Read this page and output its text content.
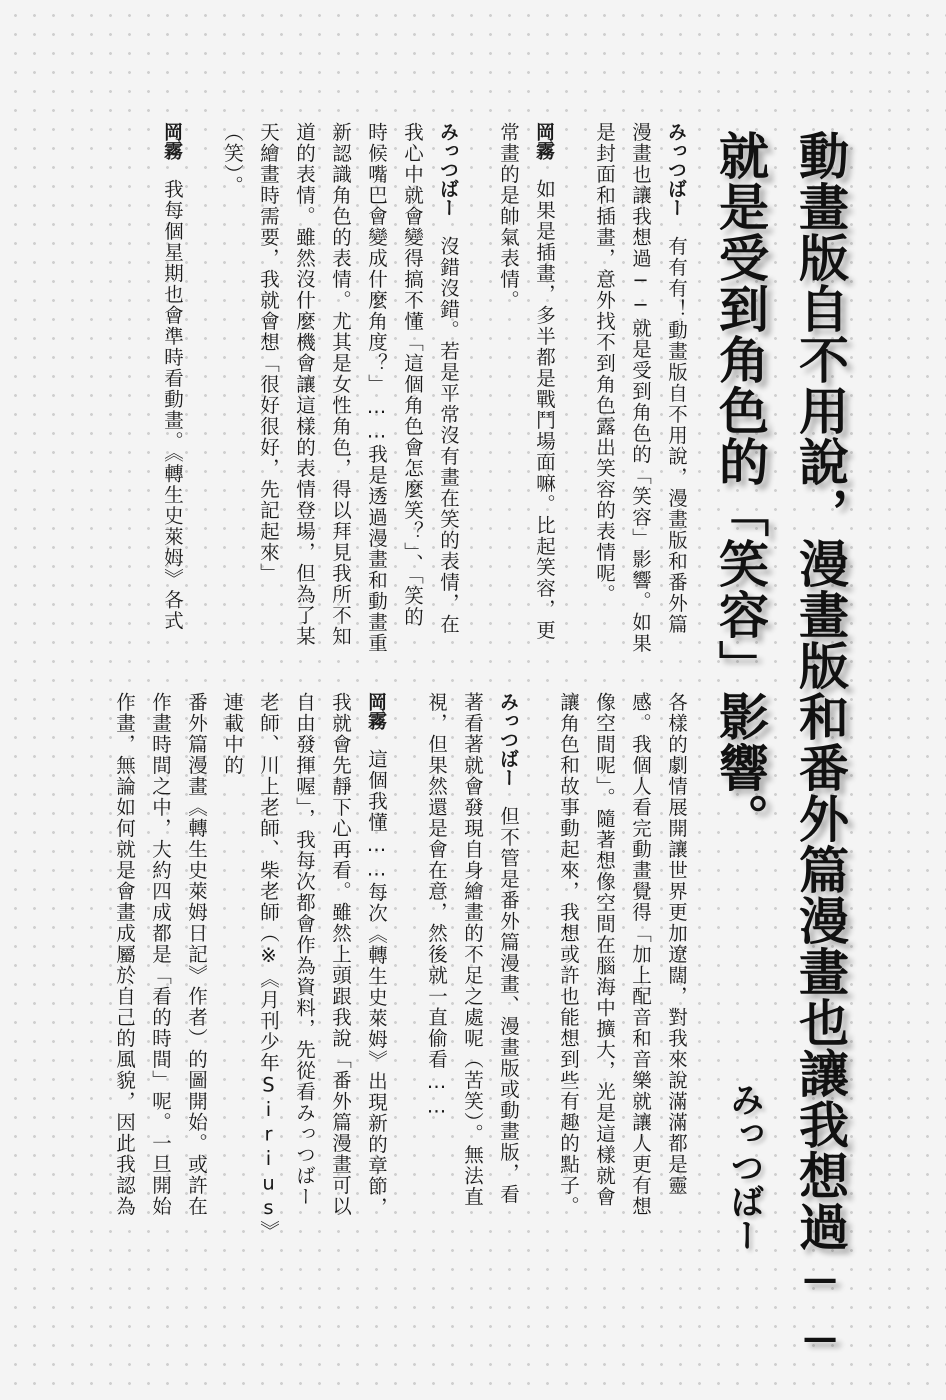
動畫版自不用說，漫畫版和番外篇漫畫也讓我想過──
就是受到角色的「笑容」影響。
みっつばー
みっつばー有有有！動畫版自不用說，漫畫版和番外篇
漫畫也讓我想過──就是受到角色的「笑容」影響。如果
是封面和插畫，意外找不到角色露出笑容的表情呢。
岡霧如果是插畫，多半都是戰鬥場面嘛。比起笑容，更
常畫的是帥氣表情。
みっつばー沒錯沒錯。若是平常沒有畫在笑的表情，在
我心中就會變得搞不懂「這個角色會怎麼笑？」、「笑的
時候嘴巴會變成什麼角度？」……我是透過漫畫和動畫重
新認識角色的表情。尤其是女性角色，得以拜見我所不知
道的表情。雖然沒什麼機會讓這樣的表情登場，但為了某
天繪畫時需要，我就會想「很好很好，先記起來」
（笑）。
岡霧我每個星期也會準時看動畫。《轉生史萊姆》各式
各樣的劇情展開讓世界更加遼闊，對我來說滿滿都是靈
感。我個人看完動畫覺得「加上配音和音樂就讓人更有想
像空間呢」。隨著想像空間在腦海中擴大，光是這樣就會
讓角色和故事動起來，我想或許也能想到些有趣的點子。
みっつばー但不管是番外篇漫畫、漫畫版或動畫版，看
著看著就會發現自身繪畫的不足之處呢（苦笑）。無法直
視，但果然還是會在意，然後就一直偷看……
岡霧這個我懂……每次《轉生史萊姆》出現新的章節，
我就會先靜下心再看。雖然上頭跟我說「番外篇漫畫可以
自由發揮喔」，我每次都會作為資料，先從看みっつばー
老師、川上老師、柴老師（※《月刊少年Sirius》連載中的
番外篇漫畫《轉生史萊姆日記》作者）的圖開始。或許在
作畫時間之中，大約四成都是「看的時間」呢。一旦開始
作畫，無論如何就是會畫成屬於自己的風貌，因此我認為
